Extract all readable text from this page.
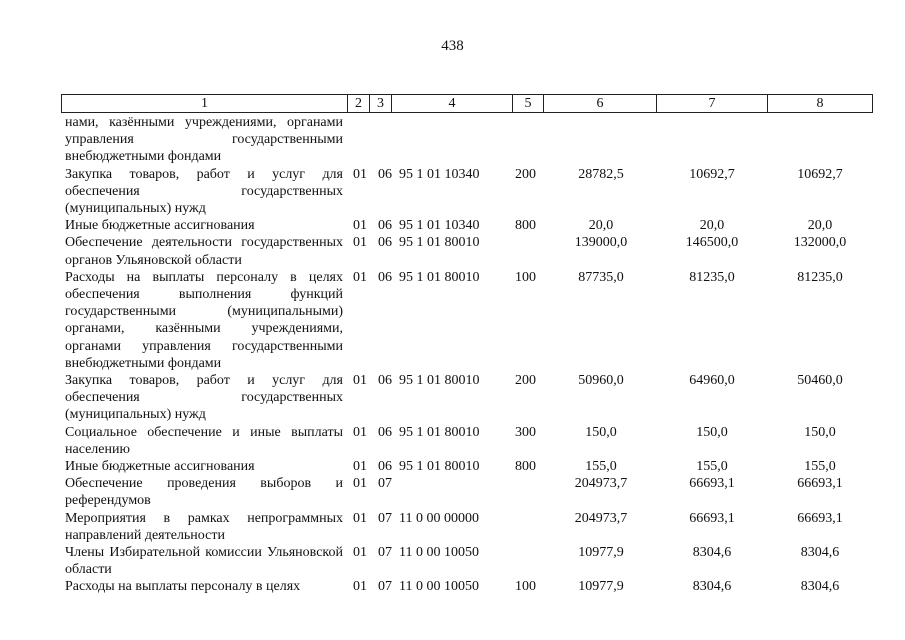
438
1	2	3	4	5	6	7	8
нами, казёнными учреждениями, органами управления государственными внебюджетными фондами							
Закупка товаров, работ и услуг для обеспечения государственных (муниципальных) нужд	01	06	95 1 01 10340	200	28782,5	10692,7	10692,7
Иные бюджетные ассигнования	01	06	95 1 01 10340	800	20,0	20,0	20,0
Обеспечение деятельности государственных органов Ульяновской области	01	06	95 1 01 80010		139000,0	146500,0	132000,0
Расходы на выплаты персоналу в целях обеспечения выполнения функций государственными (муниципальными) органами, казёнными учреждениями, органами управления государственными внебюджетными фондами	01	06	95 1 01 80010	100	87735,0	81235,0	81235,0
Закупка товаров, работ и услуг для обеспечения государственных (муниципальных) нужд	01	06	95 1 01 80010	200	50960,0	64960,0	50460,0
Социальное обеспечение и иные выплаты населению	01	06	95 1 01 80010	300	150,0	150,0	150,0
Иные бюджетные ассигнования	01	06	95 1 01 80010	800	155,0	155,0	155,0
Обеспечение проведения выборов и референдумов	01	07			204973,7	66693,1	66693,1
Мероприятия в рамках непрограммных направлений деятельности	01	07	11 0 00 00000		204973,7	66693,1	66693,1
Члены Избирательной комиссии Ульяновской области	01	07	11 0 00 10050		10977,9	8304,6	8304,6
Расходы на выплаты персоналу в целях	01	07	11 0 00 10050	100	10977,9	8304,6	8304,6
